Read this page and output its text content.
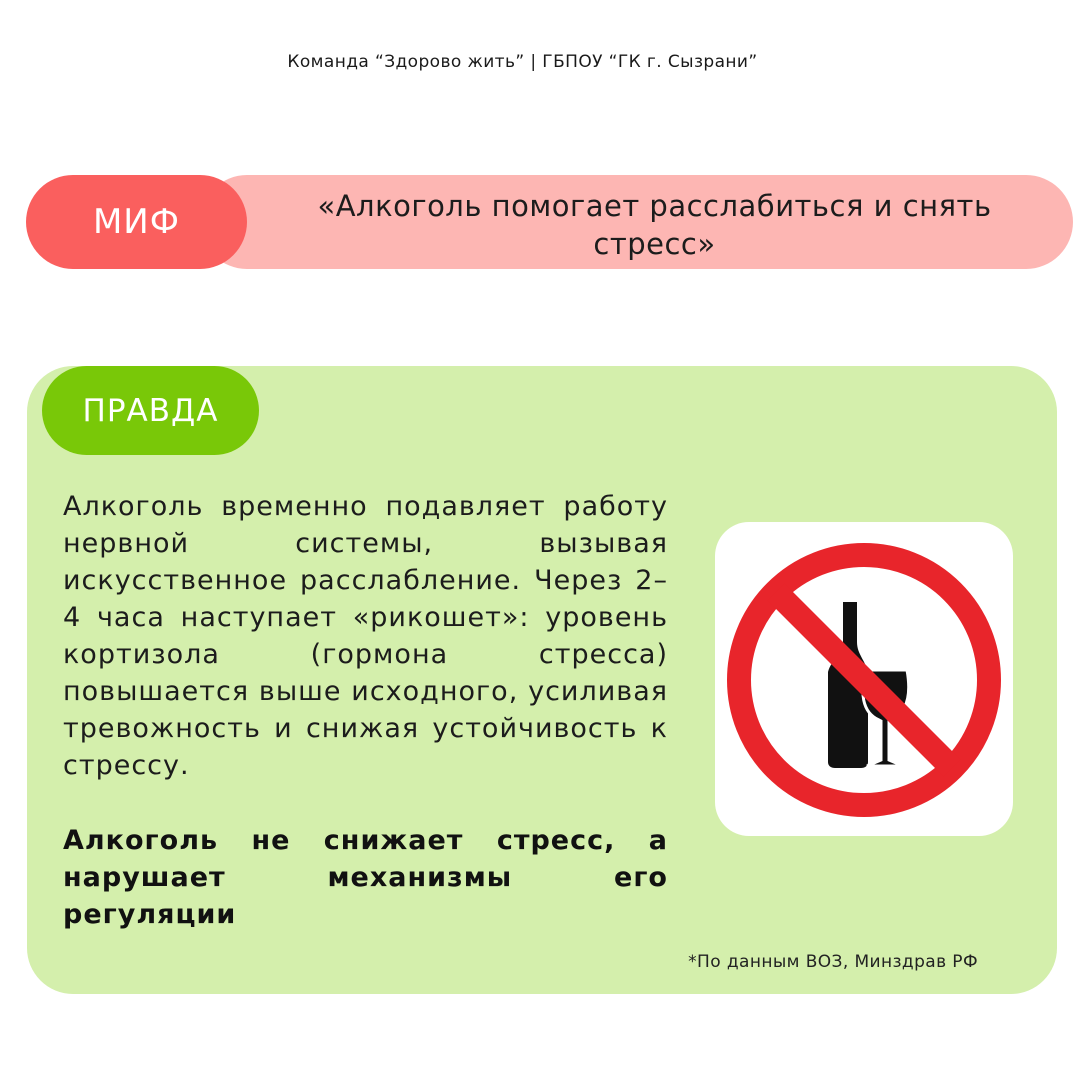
Команда “Здорово жить” | ГБПОУ “ГК г. Сызрани”
«Алкоголь помогает расслабиться и снять стресс»
МИФ
ПРАВДА
Алкоголь временно подавляет работу нервной системы, вызывая искусственное расслабление. Через 2–4 часа наступает «рикошет»: уровень кортизола (гормона стресса) повышается выше исходного, усиливая тревожность и снижая устойчивость к стрессу.
Алкоголь не снижает стресс, а нарушает механизмы его регуляции
*По данным ВОЗ, Минздрав РФ
